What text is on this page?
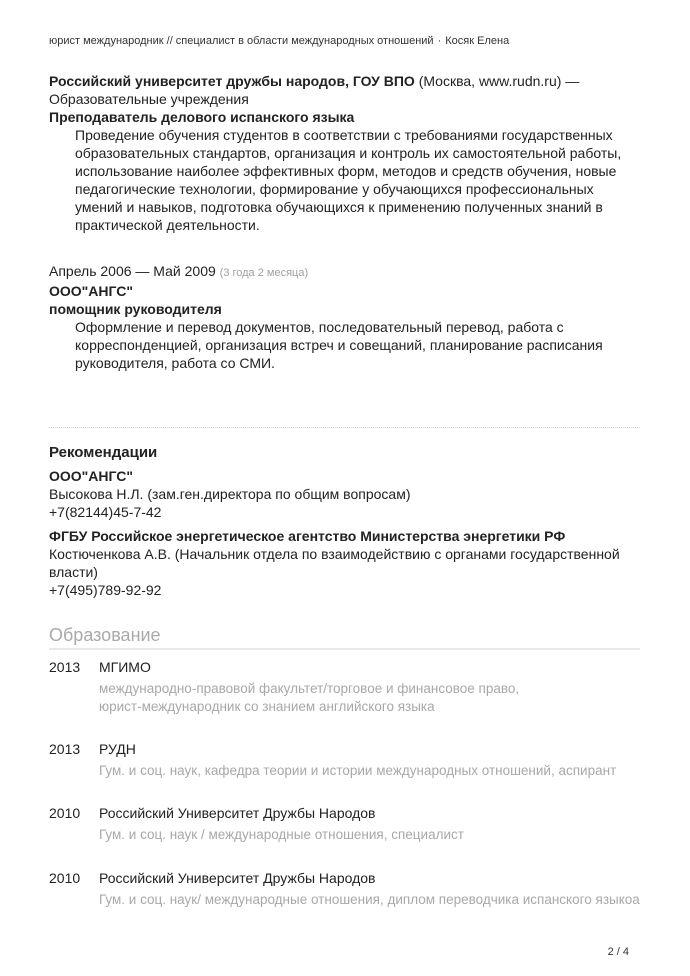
юрист международник // специалист в области международных отношений · Косяк Елена
Российский университет дружбы народов, ГОУ ВПО (Москва, www.rudn.ru) —
Образовательные учреждения
Преподаватель делового испанского языка
Проведение обучения студентов в соответствии с требованиями государственных
образовательных стандартов, организация и контроль их самостоятельной работы,
использование наиболее эффективных форм, методов и средств обучения, новые
педагогические технологии, формирование у обучающихся профессиональных
умений и навыков, подготовка обучающихся к применению полученных знаний в
практической деятельности.
Апрель 2006 — Май 2009 (3 года 2 месяца)
ООО"АНГС"
помощник руководителя
Оформление и перевод документов, последовательный перевод, работа с
корреспонденцией, организация встреч и совещаний, планирование расписания
руководителя, работа со СМИ.
Рекомендации
ООО"АНГС"
Высокова Н.Л. (зам.ген.директора по общим вопросам)
+7(82144)45-7-42
ФГБУ Российское энергетическое агентство Министерства энергетики РФ
Костюченкова А.В. (Начальник отдела по взаимодействию с органами государственной
власти)
+7(495)789-92-92
Образование
2013 МГИМО
международно-правовой факультет/торговое и финансовое право,
юрист-международник со знанием английского языка
2013 РУДН
Гум. и соц. наук, кафедра теории и истории международных отношений, аспирант
2010 Российский Университет Дружбы Народов
Гум. и соц. наук / международные отношения, специалист
2010 Российский Университет Дружбы Народов
Гум. и соц. наук/ международные отношения, диплом переводчика испанского языкоа
2 / 4
